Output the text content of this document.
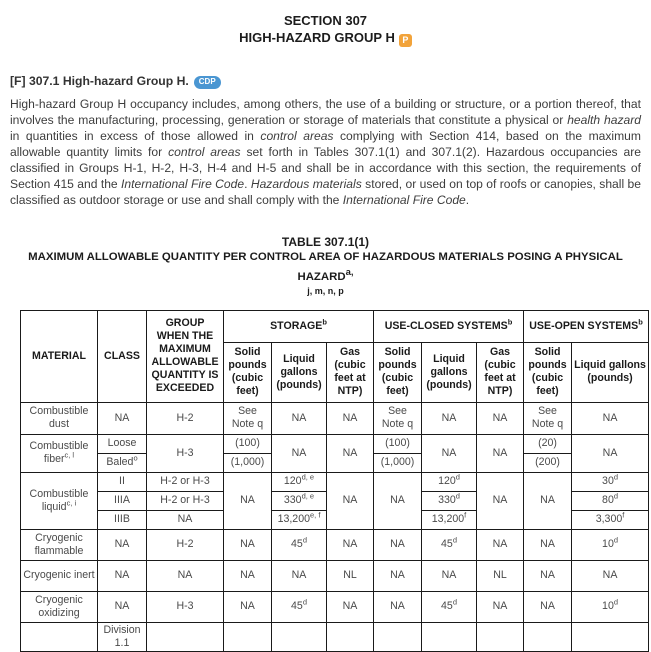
SECTION 307
HIGH-HAZARD GROUP H P
[F] 307.1 High-hazard Group H. CDP
High-hazard Group H occupancy includes, among others, the use of a building or structure, or a portion thereof, that involves the manufacturing, processing, generation or storage of materials that constitute a physical or health hazard in quantities in excess of those allowed in control areas complying with Section 414, based on the maximum allowable quantity limits for control areas set forth in Tables 307.1(1) and 307.1(2). Hazardous occupancies are classified in Groups H-1, H-2, H-3, H-4 and H-5 and shall be in accordance with this section, the requirements of Section 415 and the International Fire Code. Hazardous materials stored, or used on top of roofs or canopies, shall be classified as outdoor storage or use and shall comply with the International Fire Code.
TABLE 307.1(1)
MAXIMUM ALLOWABLE QUANTITY PER CONTROL AREA OF HAZARDOUS MATERIALS POSING A PHYSICAL $HAZARD^{a,}$
j, m, n, p
MATERIAL	CLASS	GROUP WHEN THE MAXIMUM ALLOWABLE QUANTITY IS EXCEEDED	STORAGE$^b$			USE-CLOSED SYSTEMS$^b$			USE-OPEN SYSTEMS$^b$
			Solid pounds (cubic feet)	Liquid gallons (pounds)	Gas (cubic feet at NTP)	Solid pounds (cubic feet)	Liquid gallons (pounds)	Gas (cubic feet at NTP)	Solid pounds (cubic feet)	Liquid gallons (pounds)
Combustible dust	NA	H-2	See Note q	NA	NA	See Note q	NA	NA	See Note q	NA
Combustible fiber$^{c, l}$	Loose	H-3	(100)	NA	NA	(100)	NA	NA	(20)	NA
	Baled$^o$		(1,000)			(1,000)			(200)	
Combustible liquid$^{c, i}$	II	H-2 or H-3	NA	120$^{d, e}$	NA	NA	120$^d$	NA	NA	30$^d$
	IIIA	H-2 or H-3		330$^{d, e}$			330$^d$			80$^d$
	IIIB	NA		13,200$^{e, f}$			13,200$^f$			3,300$^f$
Cryogenic flammable	NA	H-2	NA	45$^d$	NA	NA	45$^d$	NA	NA	10$^d$
Cryogenic inert	NA	NA	NA	NA	NL	NA	NA	NL	NA	NA
Cryogenic oxidizing	NA	H-3	NA	45$^d$	NA	NA	45$^d$	NA	NA	10$^d$
	Division 1.1									
